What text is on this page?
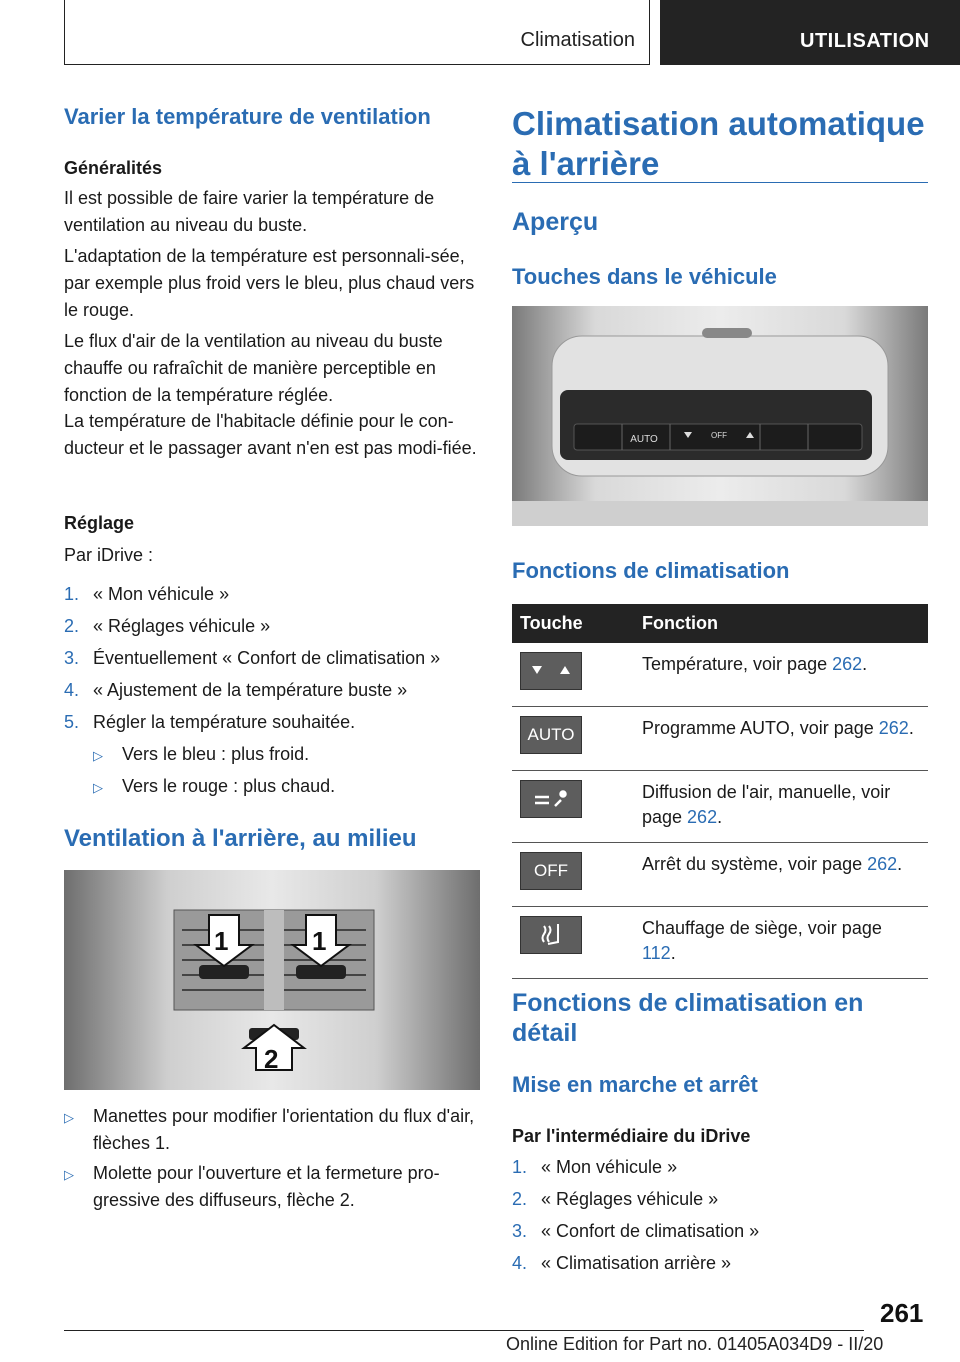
Climatisation	UTILISATION
Varier la température de ventilation
Généralités
Il est possible de faire varier la température de ventilation au niveau du buste.
L'adaptation de la température est personnali-sée, par exemple plus froid vers le bleu, plus chaud vers le rouge.
Le flux d'air de la ventilation au niveau du buste chauffe ou rafraîchit de manière perceptible en fonction de la température réglée.
La température de l'habitacle définie pour le con-ducteur et le passager avant n'en est pas modi-fiée.
Réglage
Par iDrive :
1. « Mon véhicule »
2. « Réglages véhicule »
3. Éventuellement « Confort de climatisation »
4. « Ajustement de la température buste »
5. Régler la température souhaitée.
▷ Vers le bleu : plus froid.
▷ Vers le rouge : plus chaud.
Ventilation à l'arrière, au milieu
1	1
2
▷ Manettes pour modifier l'orientation du flux d'air, flèches 1.
▷ Molette pour l'ouverture et la fermeture pro-gressive des diffuseurs, flèche 2.
Climatisation automatique
à l'arrière
Aperçu
Touches dans le véhicule
AUTO	OFF
Fonctions de climatisation
Touche	Fonction

	Température, voir page 262.

AUTO	Programme AUTO, voir page 262.

	Diffusion de l'air, manuelle, voir page 262.

OFF	Arrêt du système, voir page 262.

	Chauffage de siège, voir page 112.
Fonctions de climatisation en
détail
Mise en marche et arrêt
Par l'intermédiaire du iDrive
1. « Mon véhicule »
2. « Réglages véhicule »
3. « Confort de climatisation »
4. « Climatisation arrière »
261
Online Edition for Part no. 01405A034D9 - II/20
